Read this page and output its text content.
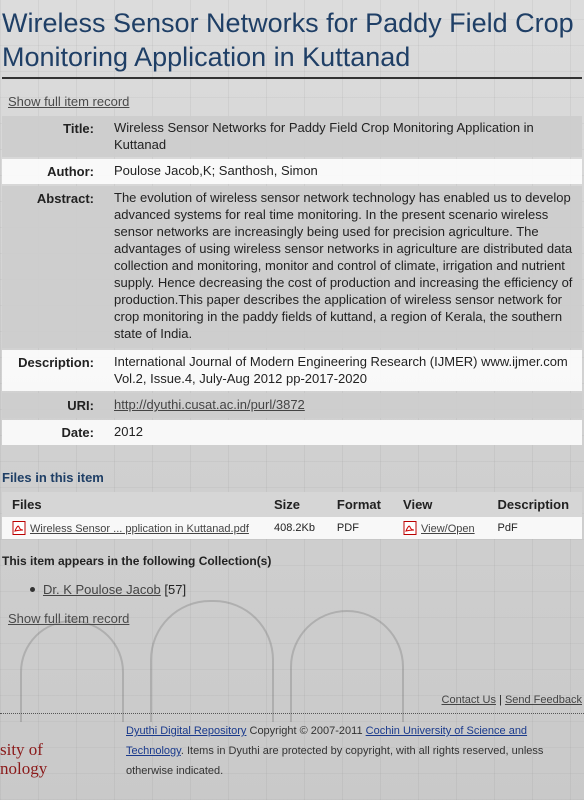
Wireless Sensor Networks for Paddy Field Crop Monitoring Application in Kuttanad
Show full item record
Title:	Wireless Sensor Networks for Paddy Field Crop Monitoring Application in Kuttanad

Author:	Poulose Jacob,K; Santhosh, Simon

Abstract:	The evolution of wireless sensor network technology has enabled us to develop advanced systems for real time monitoring. In the present scenario wireless sensor networks are increasingly being used for precision agriculture. The advantages of using wireless sensor networks in agriculture are distributed data collection and monitoring, monitor and control of climate, irrigation and nutrient supply. Hence decreasing the cost of production and increasing the efficiency of production.This paper describes the application of wireless sensor network for crop monitoring in the paddy fields of kuttand, a region of Kerala, the southern state of India.

Description:	International Journal of Modern Engineering Research (IJMER) www.ijmer.com Vol.2, Issue.4, July-Aug 2012 pp-2017-2020

URI:	http://dyuthi.cusat.ac.in/purl/3872

Date:	2012
Files in this item
Files	Size	Format	View	Description
Wireless Sensor ... pplication in Kuttanad.pdf	408.2Kb	PDF	View/Open	PdF
This item appears in the following Collection(s)
Dr. K Poulose Jacob [57]
Show full item record
Contact Us | Send Feedback
Dyuthi Digital Repository Copyright © 2007-2011 Cochin University of Science and
Technology. Items in Dyuthi are protected by copyright, with all rights reserved, unless otherwise indicated.
sity of
nology
